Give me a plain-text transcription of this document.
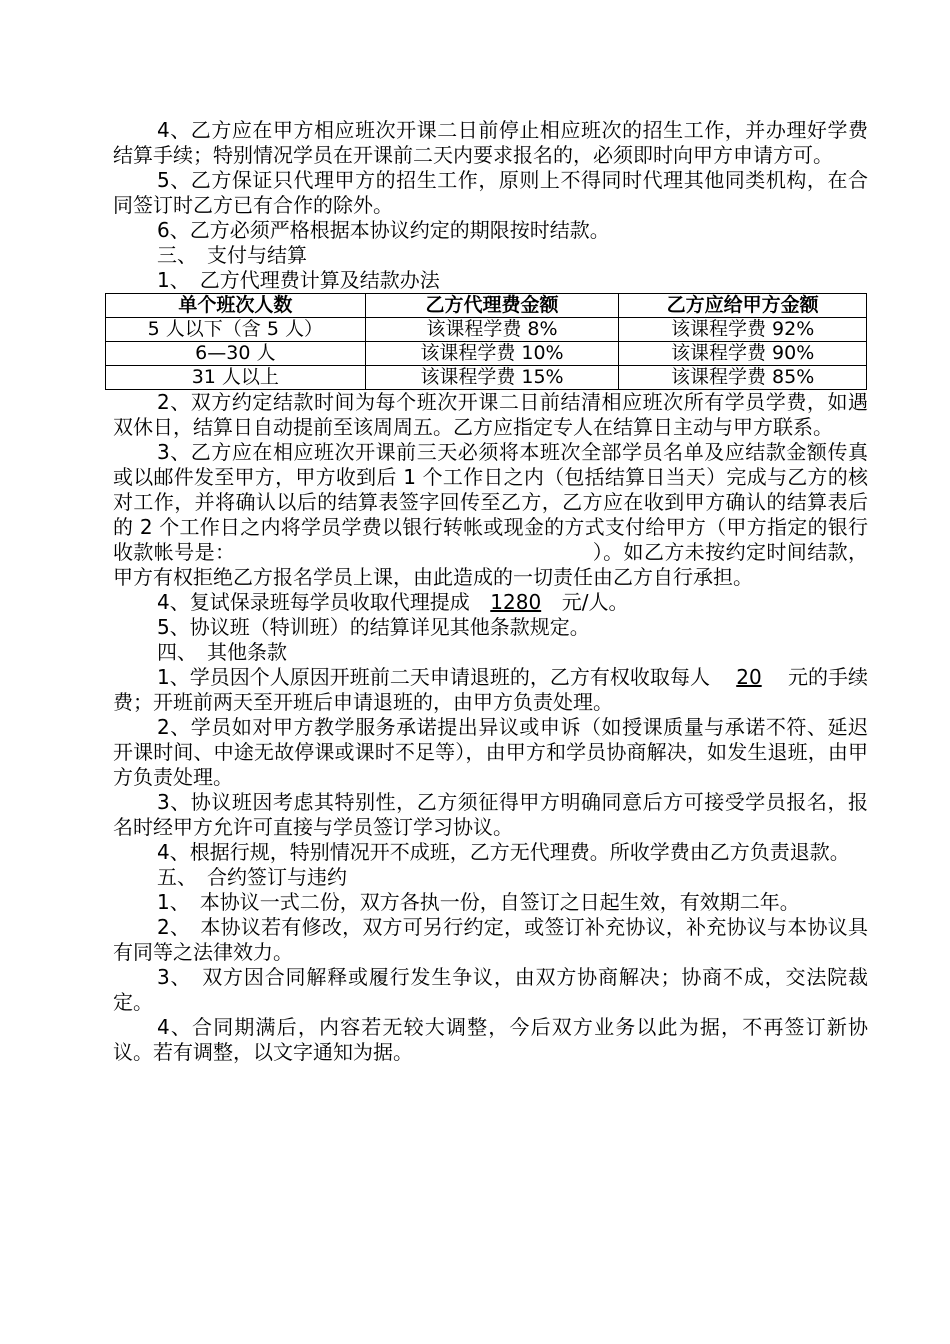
4、乙方应在甲方相应班次开课二日前停止相应班次的招生工作，并办理好学费结算手续；特别情况学员在开课前二天内要求报名的，必须即时向甲方申请方可。

5、乙方保证只代理甲方的招生工作，原则上不得同时代理其他同类机构，在合同签订时乙方已有合作的除外。

6、乙方必须严格根据本协议约定的期限按时结款。

三、　支付与结算

1、　乙方代理费计算及结款办法

单个班次人数	乙方代理费金额	乙方应给甲方金额
5 人以下（含 5 人）	该课程学费 8%	该课程学费 92%
6—30 人	该课程学费 10%	该课程学费 90%
31 人以上	该课程学费 15%	该课程学费 85%

2、双方约定结款时间为每个班次开课二日前结清相应班次所有学员学费，如遇双休日，结算日自动提前至该周周五。乙方应指定专人在结算日主动与甲方联系。

3、乙方应在相应班次开课前三天必须将本班次全部学员名单及应结款金额传真或以邮件发至甲方，甲方收到后 1 个工作日之内（包括结算日当天）完成与乙方的核对工作，并将确认以后的结算表签字回传至乙方，乙方应在收到甲方确认的结算表后的 2 个工作日之内将学员学费以银行转帐或现金的方式支付给甲方（甲方指定的银行收款帐号是：　　　　　　　　　　　　　　　　　　）。如乙方未按约定时间结款，甲方有权拒绝乙方报名学员上课，由此造成的一切责任由乙方自行承担。

4、复试保录班每学员收取代理提成 1280 元/人。

5、协议班（特训班）的结算详见其他条款规定。

四、　其他条款

1、学员因个人原因开班前二天申请退班的，乙方有权收取每人 20 元的手续费；开班前两天至开班后申请退班的，由甲方负责处理。

2、学员如对甲方教学服务承诺提出异议或申诉（如授课质量与承诺不符、延迟开课时间、中途无故停课或课时不足等），由甲方和学员协商解决，如发生退班，由甲方负责处理。

3、协议班因考虑其特别性，乙方须征得甲方明确同意后方可接受学员报名，报名时经甲方允许可直接与学员签订学习协议。

4、根据行规，特别情况开不成班，乙方无代理费。所收学费由乙方负责退款。

五、　合约签订与违约

1、　本协议一式二份，双方各执一份，自签订之日起生效，有效期二年。

2、　本协议若有修改，双方可另行约定，或签订补充协议，补充协议与本协议具有同等之法律效力。

3、　双方因合同解释或履行发生争议，由双方协商解决；协商不成，交法院裁定。

4、合同期满后，内容若无较大调整，今后双方业务以此为据，不再签订新协议。若有调整，以文字通知为据。
